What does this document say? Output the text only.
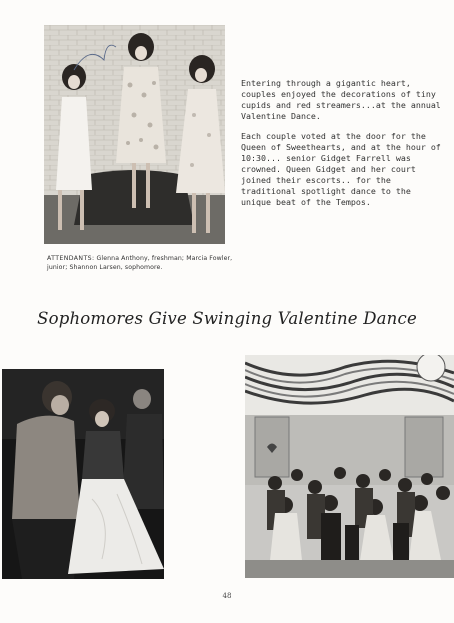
Entering through a gigantic heart, couples enjoyed the decorations of tiny cupids and red streamers...at the annual Valentine Dance.

Each couple voted at the door for the Queen of Sweethearts, and at the hour of 10:30... senior Gidget Farrell was crowned. Queen Gidget and her court joined their escorts.. for the traditional spotlight dance to the unique beat of the Tempos.

ATTENDANTS: Glenna Anthony, freshman; Marcia Fowler, junior; Shannon Larsen, sophomore.
Sophomores Give Swinging Valentine Dance
48
